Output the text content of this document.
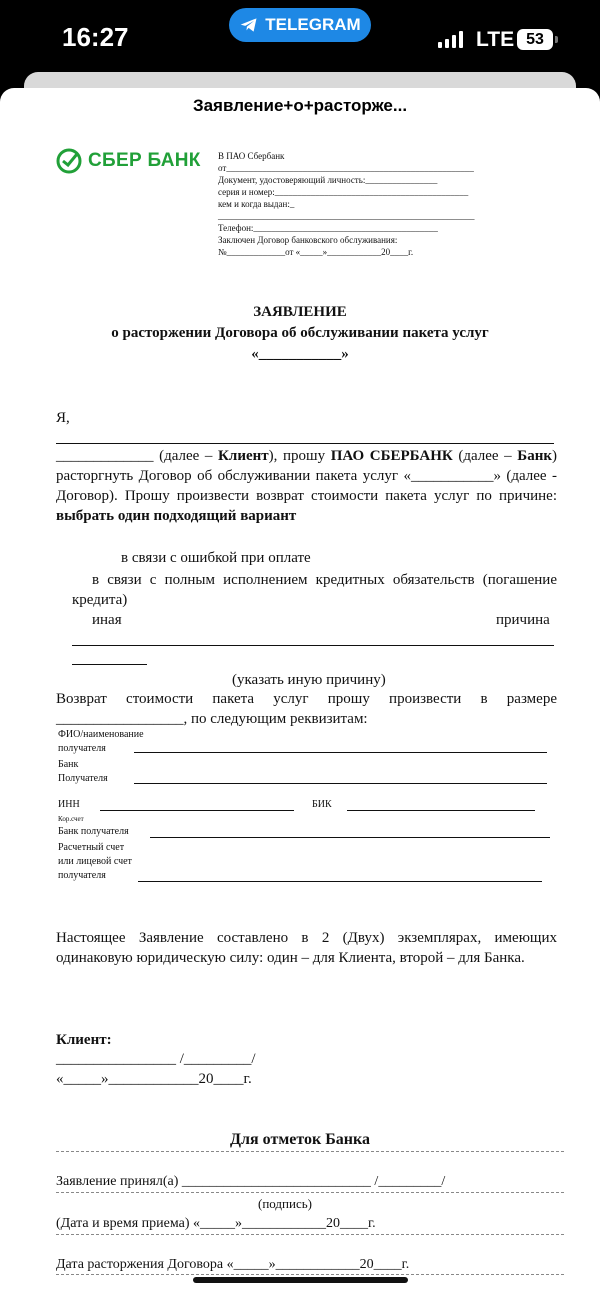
16:27	TELEGRAM
LTE 53
Заявление+о+расторже...
СБЕР БАНК В ПАО Сбербанк
от_______________________________________________________
Документ, удостоверяющий личность:________________
серия и номер:___________________________________________
кем и когда выдан:_
_________________________________________________________
Телефон:_________________________________________
Заключен Договор банковского обслуживания:
№_____________от «_____»____________20____г.
ЗАЯВЛЕНИЕ
о расторжении Договора об обслуживании пакета услуг
«___________»
Я,
_____________ (далее – Клиент), прошу ПАО СБЕРБАНК (далее – Банк) расторгнуть Договор об обслуживании пакета услуг «___________» (далее - Договор). Прошу произвести возврат стоимости пакета услуг по причине: выбрать один подходящий вариант
в связи с ошибкой при оплате
в связи с полным исполнением кредитных обязательств (погашение кредита)
иная	причина
(указать иную причину)
Возврат стоимости пакета услуг прошу произвести в размере _________________, по следующим реквизитам:
ФИО/наименование
получателя
Банк
Получателя
ИНН	БИК
Кор.счет
Банк получателя
Расчетный счет
или лицевой счет
получателя
Настоящее Заявление составлено в 2 (Двух) экземплярах, имеющих одинаковую юридическую силу: один – для Клиента, второй – для Банка.
Клиент:
________________ /_________/
«_____»____________20____г.
Для отметок Банка
Заявление принял(а) ___________________________ /_________/
(подпись)
(Дата и время приема) «_____»____________20____г.
Дата расторжения Договора «_____»____________20____г.
